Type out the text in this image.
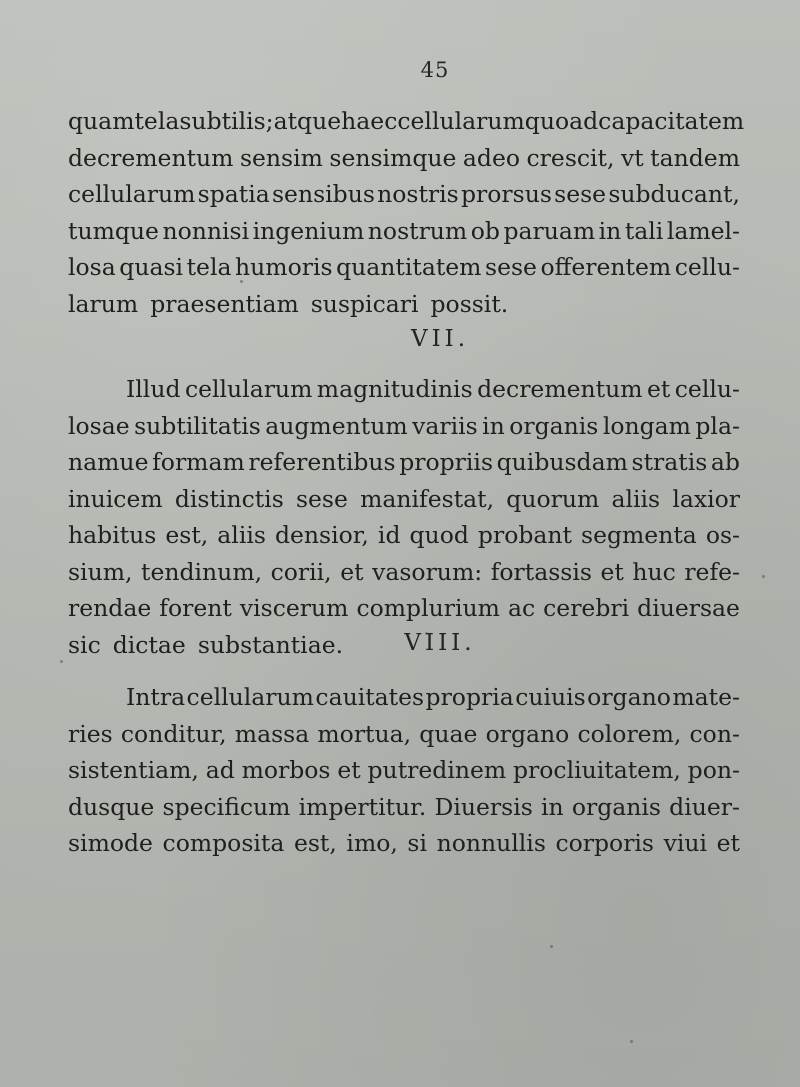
45
quam tela subtilis; atque haec cellularum quoad capacitatem
decrementum sensim sensimque adeo crescit, vt tandem
cellularum spatia sensibus nostris prorsus sese subducant,
tumque nonnisi ingenium nostrum ob paruam in tali lamel-
losa quasi tela humoris quantitatem sese offerentem cellu-
larum praesentiam suspicari possit.
VII.
Illud cellularum magnitudinis decrementum et cellu-
losae subtilitatis augmentum variis in organis longam pla-
namue formam referentibus propriis quibusdam stratis ab
inuicem distinctis sese manifestat, quorum aliis laxior
habitus est, aliis densior, id quod probant segmenta os-
sium, tendinum, corii, et vasorum: fortassis et huc refe-
rendae forent viscerum complurium ac cerebri diuersae
sic dictae substantiae.	VIII.
Intra cellularum cauitates propria cuiuis organo mate-
ries conditur, massa mortua, quae organo colorem, con-
sistentiam, ad morbos et putredinem procliuitatem, pon-
dusque specificum impertitur. Diuersis in organis diuer-
simode composita est, imo, si nonnullis corporis viui et
